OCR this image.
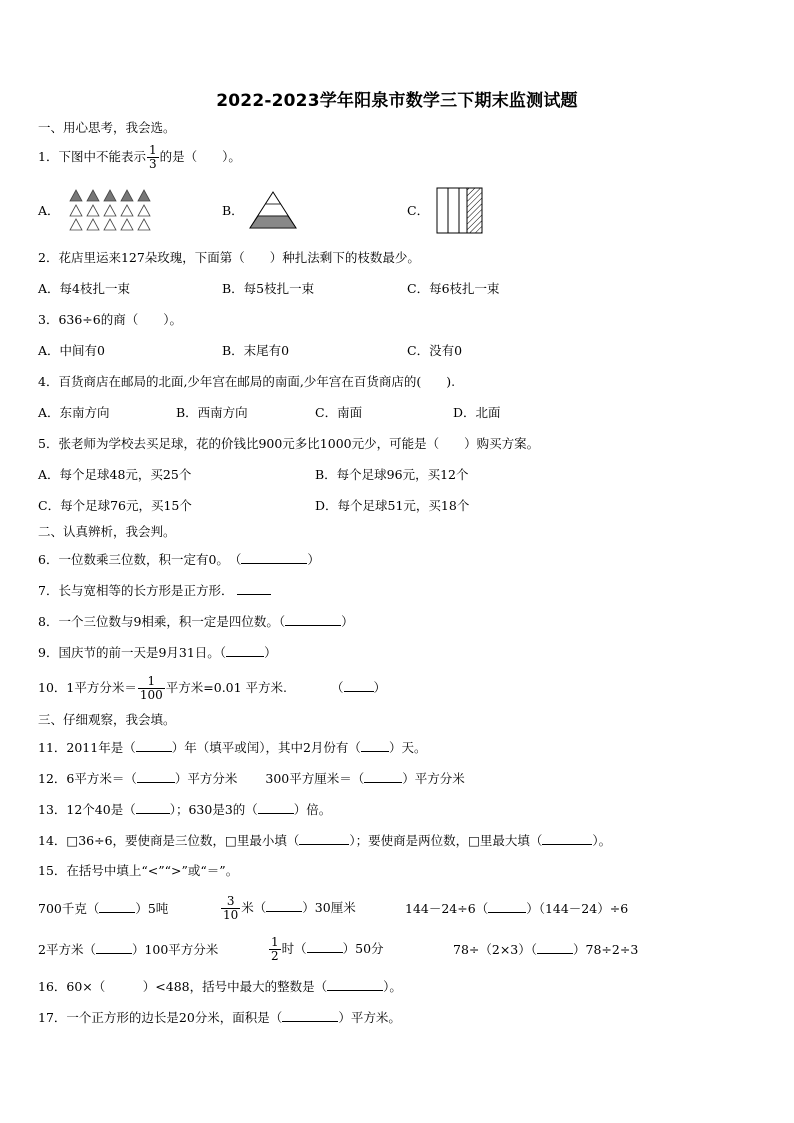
2022-2023学年阳泉市数学三下期末监测试题
一、用心思考，我会选。
1．下图中不能表示 $\frac{1}{3}$ 的是（　　）。
A．	B．	C．
2．花店里运来127朵玫瑰，下面第（　　）种扎法剩下的枝数最少。
A．每4枝扎一束	B．每5枝扎一束	C．每6枝扎一束
3．636÷6的商（　　）。
A．中间有0	B．末尾有0	C．没有0
4．百货商店在邮局的北面,少年宫在邮局的南面,少年宫在百货商店的(　　).
A．东南方向	B．西南方向	C．南面	D．北面
5．张老师为学校去买足球，花的价钱比900元多比1000元少，可能是（　　）购买方案。
A．每个足球48元，买25个	B．每个足球96元，买12个
C．每个足球76元，买15个	D．每个足球51元，买18个
二、认真辨析，我会判。
6．一位数乘三位数，积一定有0。　（	）
7．长与宽相等的长方形是正方形．
8．一个三位数与9相乘，积一定是四位数。（	）
9．国庆节的前一天是9月31日。（	）
10．1平方分米＝ $\frac{1}{100}$ 平方米=0.01 平方米.	（ ）
三、仔细观察，我会填。
11．2011年是（	）年（填平或闰），其中2月份有（ ）天。
12．6平方米＝（	）平方分米 300平方厘米＝（	）平方分米
13．12个40是（	）；630是3的（	）倍。
14．□36÷6，要使商是三位数，□里最小填（	）；要使商是两位数，□里最大填（	）。
15．在括号中填上“<”“>”或“＝”。
700千克（	）5吨	$\frac{3}{10}$ 米（	）30厘米	144－24÷6（	）（144－24）÷6
2平方米（	）100平方分米	$\frac{1}{2}$ 时（	）50分	78÷（2×3）（	）78÷2÷3
16．60×（　　　）<488，括号中最大的整数是（	）。
17．一个正方形的边长是20分米，面积是（	）平方米。
